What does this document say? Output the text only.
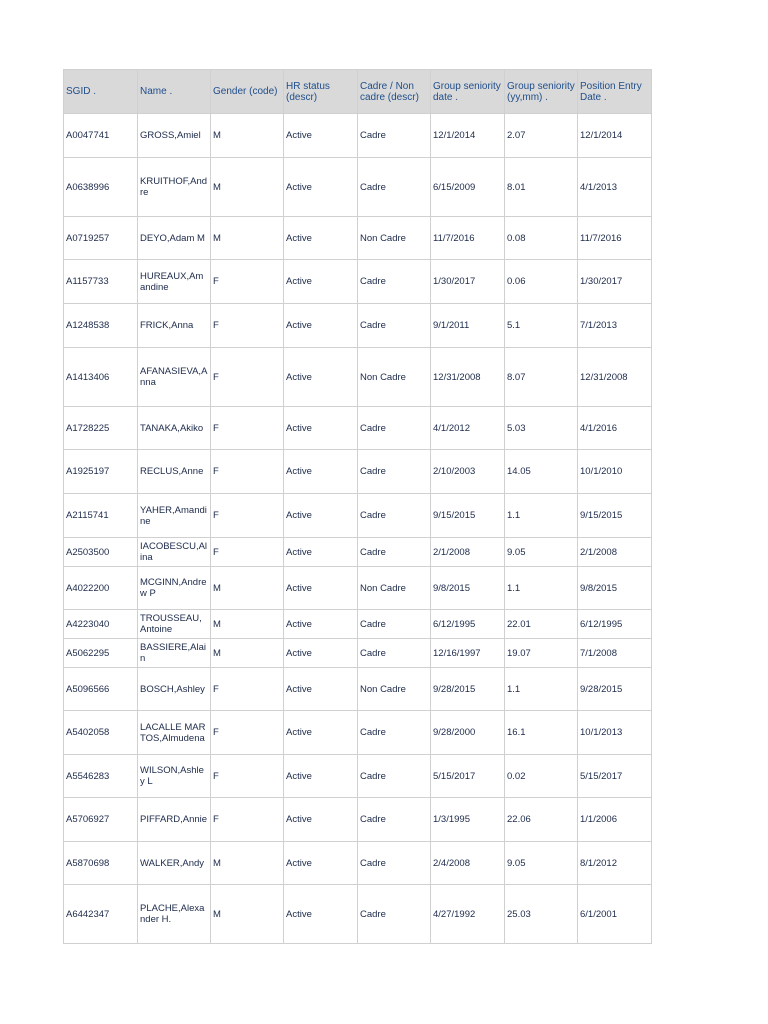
SGID .	Name .	Gender (code)	HR status (descr)	Cadre / Non cadre (descr)	Group seniority date .	Group seniority (yy,mm) .	Position Entry Date .
A0047741	GROSS,Amiel	M	Active	Cadre	12/1/2014	2.07	12/1/2014
A0638996	KRUITHOF,Andre	M	Active	Cadre	6/15/2009	8.01	4/1/2013
A0719257	DEYO,Adam M	M	Active	Non Cadre	11/7/2016	0.08	11/7/2016
A1157733	HUREAUX,Amandine	F	Active	Cadre	1/30/2017	0.06	1/30/2017
A1248538	FRICK,Anna	F	Active	Cadre	9/1/2011	5.1	7/1/2013
A1413406	AFANASIEVA,Anna	F	Active	Non Cadre	12/31/2008	8.07	12/31/2008
A1728225	TANAKA,Akiko	F	Active	Cadre	4/1/2012	5.03	4/1/2016
A1925197	RECLUS,Anne	F	Active	Cadre	2/10/2003	14.05	10/1/2010
A2115741	YAHER,Amandine	F	Active	Cadre	9/15/2015	1.1	9/15/2015
A2503500	IACOBESCU,Alina	F	Active	Cadre	2/1/2008	9.05	2/1/2008
A4022200	MCGINN,Andrew P	M	Active	Non Cadre	9/8/2015	1.1	9/8/2015
A4223040	TROUSSEAU, Antoine	M	Active	Cadre	6/12/1995	22.01	6/12/1995
A5062295	BASSIERE,Alain	M	Active	Cadre	12/16/1997	19.07	7/1/2008
A5096566	BOSCH,Ashley	F	Active	Non Cadre	9/28/2015	1.1	9/28/2015
A5402058	LACALLE MARTOS,Almudena	F	Active	Cadre	9/28/2000	16.1	10/1/2013
A5546283	WILSON,Ashley L	F	Active	Cadre	5/15/2017	0.02	5/15/2017
A5706927	PIFFARD,Annie	F	Active	Cadre	1/3/1995	22.06	1/1/2006
A5870698	WALKER,Andy	M	Active	Cadre	2/4/2008	9.05	8/1/2012
A6442347	PLACHE,Alexander H.	M	Active	Cadre	4/27/1992	25.03	6/1/2001
